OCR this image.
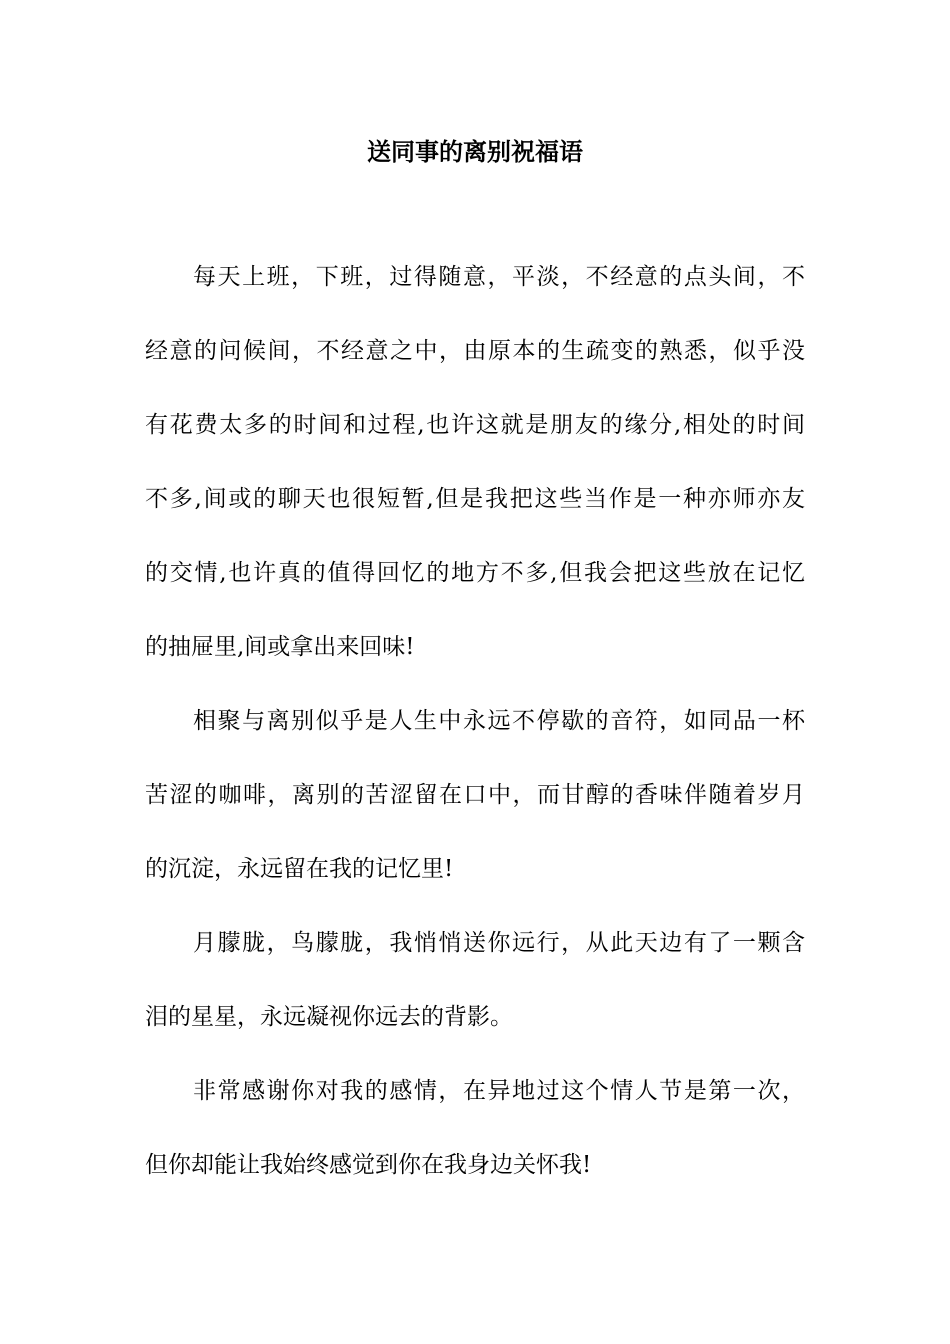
送同事的离别祝福语
每天上班，下班，过得随意，平淡，不经意的点头间，不
经意的问候间，不经意之中，由原本的生疏变的熟悉，似乎没
有花费太多的时间和过程,也许这就是朋友的缘分,相处的时间
不多,间或的聊天也很短暂,但是我把这些当作是一种亦师亦友
的交情,也许真的值得回忆的地方不多,但我会把这些放在记忆
的抽屉里,间或拿出来回味!
相聚与离别似乎是人生中永远不停歇的音符，如同品一杯
苦涩的咖啡，离别的苦涩留在口中，而甘醇的香味伴随着岁月
的沉淀，永远留在我的记忆里!
月朦胧，鸟朦胧，我悄悄送你远行，从此天边有了一颗含
泪的星星，永远凝视你远去的背影。
非常感谢你对我的感情，在异地过这个情人节是第一次，
但你却能让我始终感觉到你在我身边关怀我!
